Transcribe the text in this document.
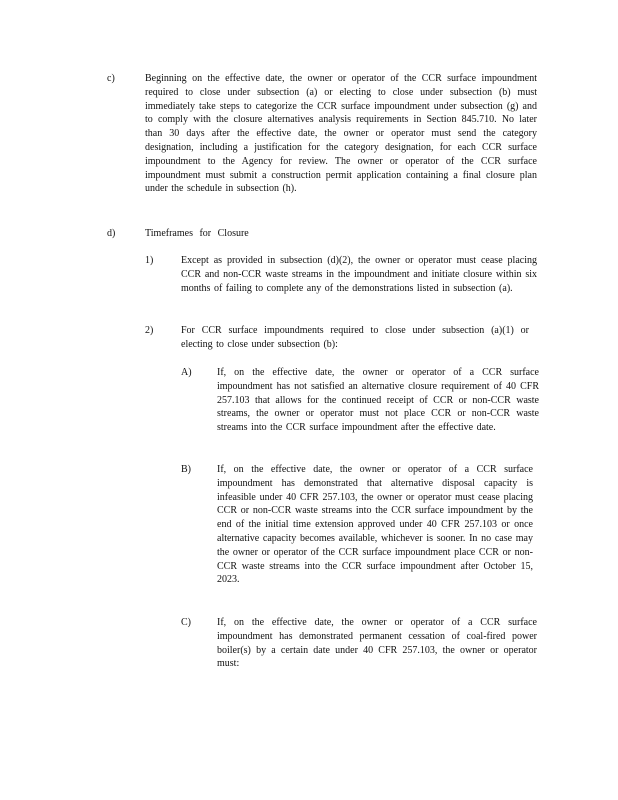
c)	Beginning on the effective date, the owner or operator of the CCR surface impoundment required to close under subsection (a) or electing to close under subsection (b) must immediately take steps to categorize the CCR surface impoundment under subsection (g) and to comply with the closure alternatives analysis requirements in Section 845.710. No later than 30 days after the effective date, the owner or operator must send the category designation, including a justification for the category designation, for each CCR surface impoundment to the Agency for review. The owner or operator of the CCR surface impoundment must submit a construction permit application containing a final closure plan under the schedule in subsection (h).

d)	Timeframes for Closure
1)	Except as provided in subsection (d)(2), the owner or operator must cease placing CCR and non-CCR waste streams in the impoundment and initiate closure within six months of failing to complete any of the demonstrations listed in subsection (a).

2)	For CCR surface impoundments required to close under subsection (a)(1) or electing to close under subsection (b):

A)	If, on the effective date, the owner or operator of a CCR surface impoundment has not satisfied an alternative closure requirement of 40 CFR 257.103 that allows for the continued receipt of CCR or non-CCR waste streams, the owner or operator must not place CCR or non-CCR waste streams into the CCR surface impoundment after the effective date.

B)	If, on the effective date, the owner or operator of a CCR surface impoundment has demonstrated that alternative disposal capacity is infeasible under 40 CFR 257.103, the owner or operator must cease placing CCR or non-CCR waste streams into the CCR surface impoundment by the end of the initial time extension approved under 40 CFR 257.103 or once alternative capacity becomes available, whichever is sooner. In no case may the owner or operator of the CCR surface impoundment place CCR or non-CCR waste streams into the CCR surface impoundment after October 15, 2023.

C)	If, on the effective date, the owner or operator of a CCR surface impoundment has demonstrated permanent cessation of coal-fired power boiler(s) by a certain date under 40 CFR 257.103, the owner or operator must:
